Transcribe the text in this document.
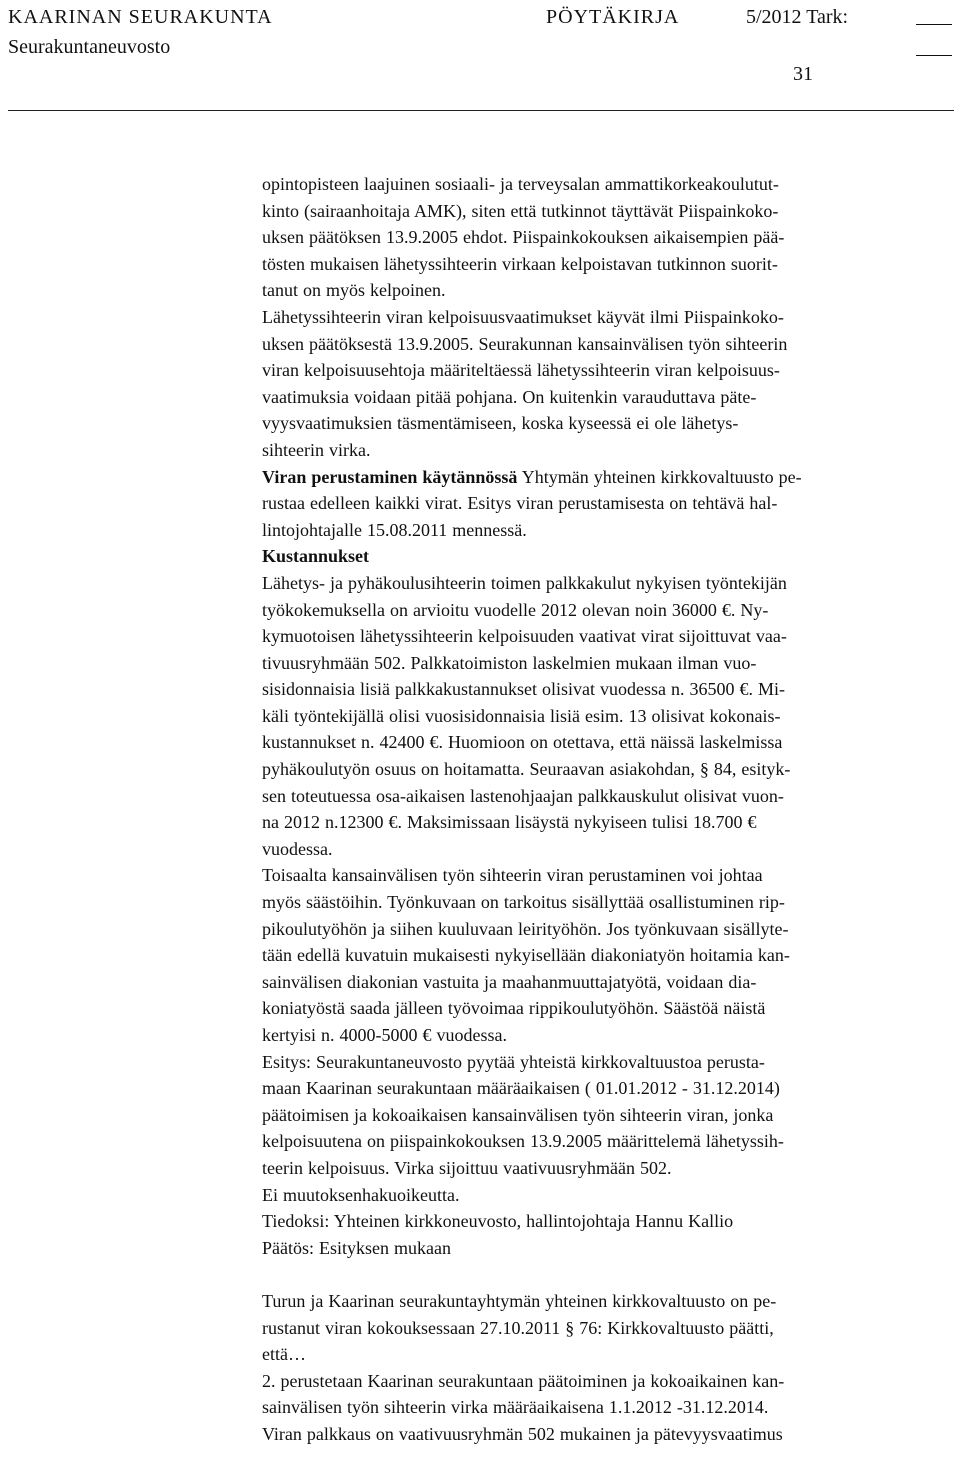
KAARINAN SEURAKUNTA	PÖYTÄKIRJA	5/2012 Tark:
Seurakuntaneuvosto
31
opintopisteen laajuinen sosiaali- ja terveysalan ammattikorkeakoulutut-
kinto (sairaanhoitaja AMK), siten että tutkinnot täyttävät Piispainkoko-
uksen päätöksen 13.9.2005 ehdot. Piispainkokouksen aikaisempien pää-
tösten mukaisen lähetyssihteerin virkaan kelpoistavan tutkinnon suorit-
tanut on myös kelpoinen.
Lähetyssihteerin viran kelpoisuusvaatimukset käyvät ilmi Piispainkoko-
uksen päätöksestä 13.9.2005. Seurakunnan kansainvälisen työn sihteerin
viran kelpoisuusehtoja määriteltäessä lähetyssihteerin viran kelpoisuus-
vaatimuksia voidaan pitää pohjana. On kuitenkin varauduttava päte-
vyysvaatimuksien täsmentämiseen, koska kyseessä ei ole lähetys-
sihteerin virka.
Viran perustaminen käytännössä Yhtymän yhteinen kirkkovaltuusto pe-
rustaa edelleen kaikki virat. Esitys viran perustamisesta on tehtävä hal-
lintojohtajalle 15.08.2011 mennessä.
Kustannukset
Lähetys- ja pyhäkoulusihteerin toimen palkkakulut nykyisen työntekijän
työkokemuksella on arvioitu vuodelle 2012 olevan noin 36000 €. Ny-
kymuotoisen lähetyssihteerin kelpoisuuden vaativat virat sijoittuvat vaa-
tivuusryhmään 502. Palkkatoimiston laskelmien mukaan ilman vuo-
sisidonnaisia lisiä palkkakustannukset olisivat vuodessa n. 36500 €. Mi-
käli työntekijällä olisi vuosisidonnaisia lisiä esim. 13 olisivat kokonais-
kustannukset n. 42400 €. Huomioon on otettava, että näissä laskelmissa
pyhäkoulutyön osuus on hoitamatta. Seuraavan asiakohdan, § 84, esityk-
sen toteutuessa osa-aikaisen lastenohjaajan palkkauskulut olisivat vuon-
na 2012 n.12300 €. Maksimissaan lisäystä nykyiseen tulisi 18.700 €
vuodessa.
Toisaalta kansainvälisen työn sihteerin viran perustaminen voi johtaa
myös säästöihin. Työnkuvaan on tarkoitus sisällyttää osallistuminen rip-
pikoulutyöhön ja siihen kuuluvaan leirityöhön. Jos työnkuvaan sisällyte-
tään edellä kuvatuin mukaisesti nykyisellään diakoniatyön hoitamia kan-
sainvälisen diakonian vastuita ja maahanmuuttajatyötä, voidaan dia-
koniatyöstä saada jälleen työvoimaa rippikoulutyöhön. Säästöä näistä
kertyisi n. 4000-5000 € vuodessa.
Esitys: Seurakuntaneuvosto pyytää yhteistä kirkkovaltuustoa perusta-
maan Kaarinan seurakuntaan määräaikaisen ( 01.01.2012 - 31.12.2014)
päätoimisen ja kokoaikaisen kansainvälisen työn sihteerin viran, jonka
kelpoisuutena on piispainkokouksen 13.9.2005 määrittelemä lähetyssih-
teerin kelpoisuus. Virka sijoittuu vaativuusryhmään 502.
Ei muutoksenhakuoikeutta.
Tiedoksi: Yhteinen kirkkoneuvosto, hallintojohtaja Hannu Kallio
Päätös: Esityksen mukaan
Turun ja Kaarinan seurakuntayhtymän yhteinen kirkkovaltuusto on pe-
rustanut viran kokouksessaan 27.10.2011 § 76: Kirkkovaltuusto päätti,
että…
2. perustetaan Kaarinan seurakuntaan päätoiminen ja kokoaikainen kan-
sainvälisen työn sihteerin virka määräaikaisena 1.1.2012 -31.12.2014.
Viran palkkaus on vaativuusryhmän 502 mukainen ja pätevyysvaatimus
